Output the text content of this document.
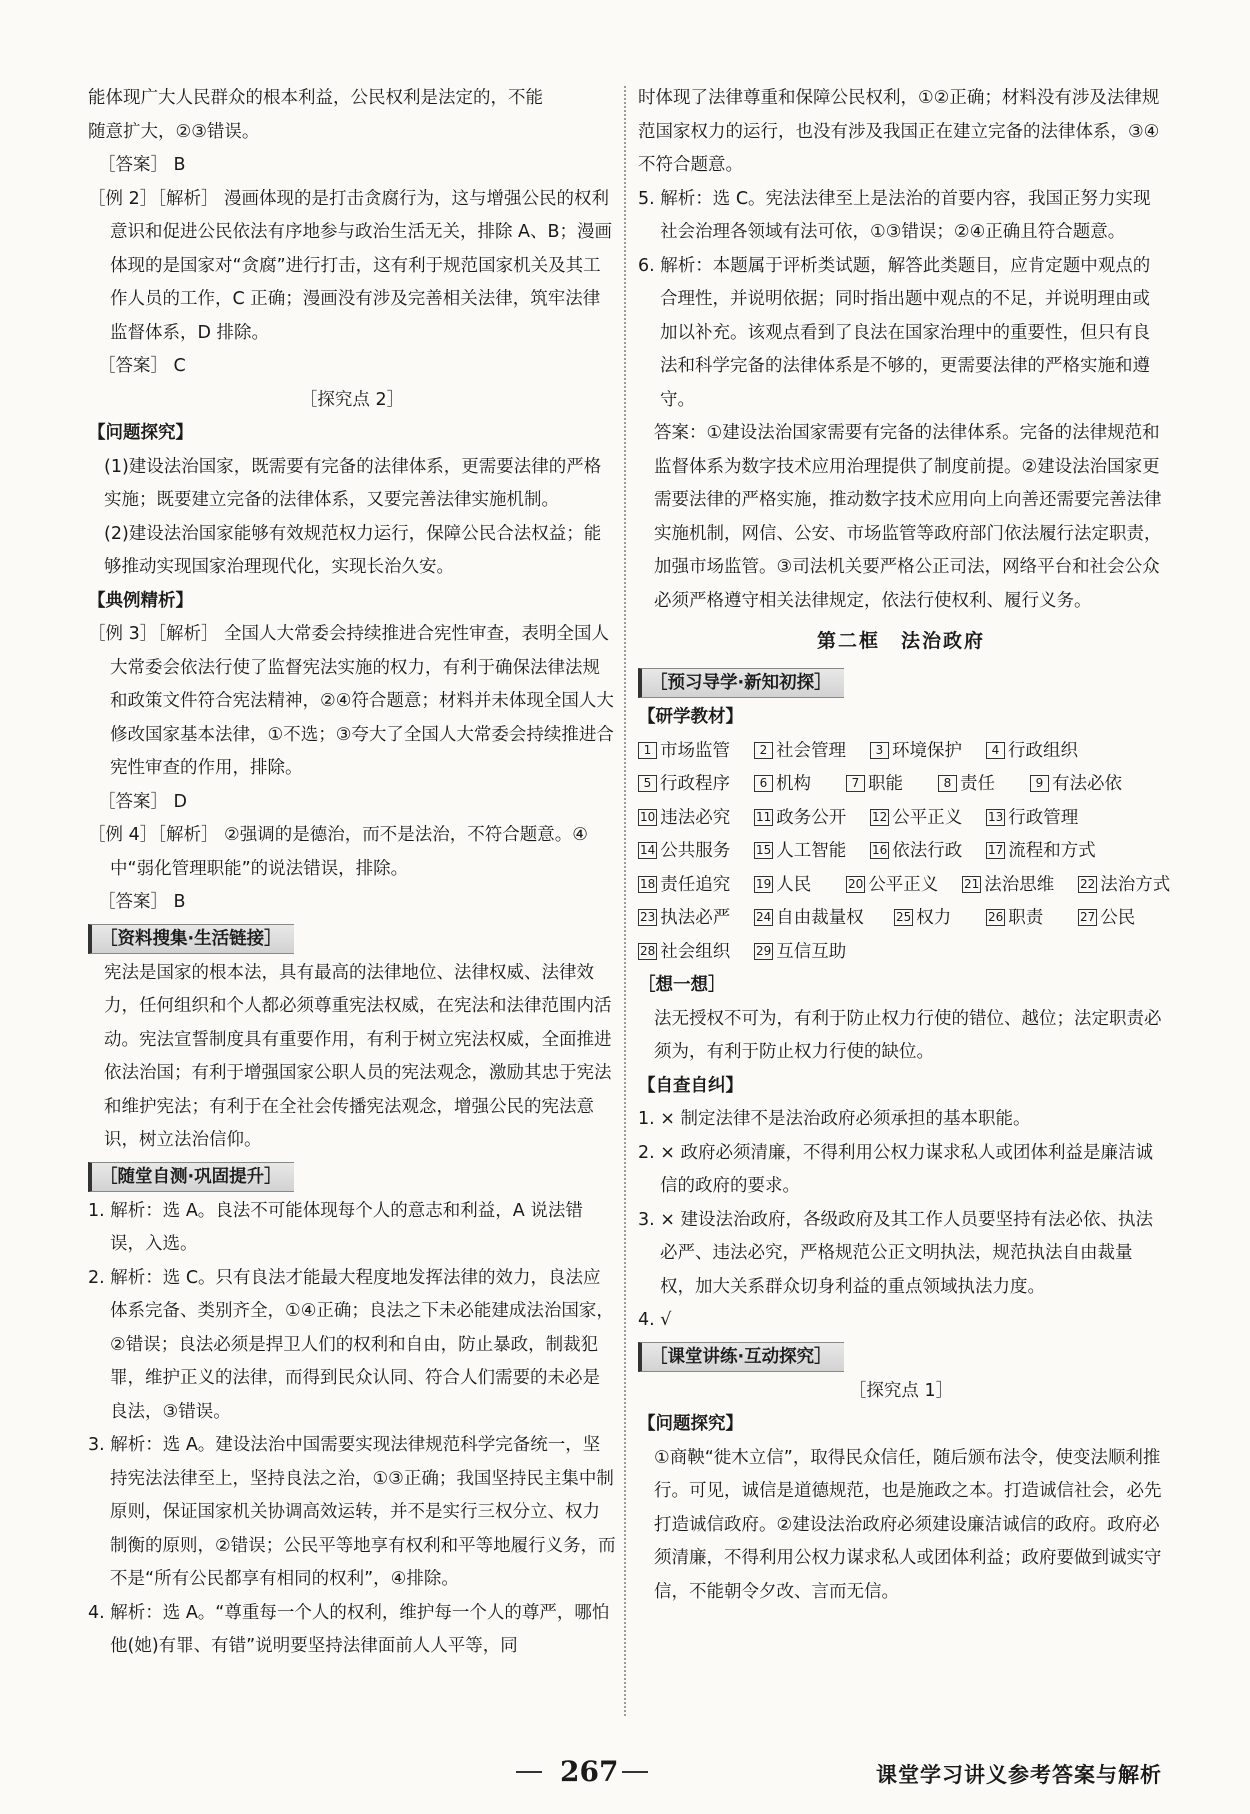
能体现广大人民群众的根本利益，公民权利是法定的，不能

随意扩大，②③错误。

［答案］ B

［例 2］［解析］ 漫画体现的是打击贪腐行为，这与增强公民的权利意识和促进公民依法有序地参与政治生活无关，排除 A、B；漫画体现的是国家对“贪腐”进行打击，这有利于规范国家机关及其工作人员的工作，C 正确；漫画没有涉及完善相关法律，筑牢法律监督体系，D 排除。

［答案］ C

［探究点 2］

【问题探究】

(1)建设法治国家，既需要有完备的法律体系，更需要法律的严格实施；既要建立完备的法律体系，又要完善法律实施机制。

(2)建设法治国家能够有效规范权力运行，保障公民合法权益；能够推动实现国家治理现代化，实现长治久安。

【典例精析】

［例 3］［解析］ 全国人大常委会持续推进合宪性审查，表明全国人大常委会依法行使了监督宪法实施的权力，有利于确保法律法规和政策文件符合宪法精神，②④符合题意；材料并未体现全国人大修改国家基本法律，①不选；③夸大了全国人大常委会持续推进合宪性审查的作用，排除。

［答案］ D

［例 4］［解析］ ②强调的是德治，而不是法治，不符合题意。④中“弱化管理职能”的说法错误，排除。

［答案］ B

［资料搜集·生活链接］

宪法是国家的根本法，具有最高的法律地位、法律权威、法律效力，任何组织和个人都必须尊重宪法权威，在宪法和法律范围内活动。宪法宣誓制度具有重要作用，有利于树立宪法权威，全面推进依法治国；有利于增强国家公职人员的宪法观念，激励其忠于宪法和维护宪法；有利于在全社会传播宪法观念，增强公民的宪法意识，树立法治信仰。

［随堂自测·巩固提升］

1. 解析：选 A。良法不可能体现每个人的意志和利益，A 说法错误，入选。

2. 解析：选 C。只有良法才能最大程度地发挥法律的效力，良法应体系完备、类别齐全，①④正确；良法之下未必能建成法治国家，②错误；良法必须是捍卫人们的权利和自由，防止暴政，制裁犯罪，维护正义的法律，而得到民众认同、符合人们需要的未必是良法，③错误。

3. 解析：选 A。建设法治中国需要实现法律规范科学完备统一，坚持宪法法律至上，坚持良法之治，①③正确；我国坚持民主集中制原则，保证国家机关协调高效运转，并不是实行三权分立、权力制衡的原则，②错误；公民平等地享有权利和平等地履行义务，而不是“所有公民都享有相同的权利”，④排除。

4. 解析：选 A。“尊重每一个人的权利，维护每一个人的尊严，哪怕他(她)有罪、有错”说明要坚持法律面前人人平等，同

时体现了法律尊重和保障公民权利，①②正确；材料没有涉及法律规范国家权力的运行，也没有涉及我国正在建立完备的法律体系，③④不符合题意。

5. 解析：选 C。宪法法律至上是法治的首要内容，我国正努力实现社会治理各领域有法可依，①③错误；②④正确且符合题意。

6. 解析：本题属于评析类试题，解答此类题目，应肯定题中观点的合理性，并说明依据；同时指出题中观点的不足，并说明理由或加以补充。该观点看到了良法在国家治理中的重要性，但只有良法和科学完备的法律体系是不够的，更需要法律的严格实施和遵守。

答案：①建设法治国家需要有完备的法律体系。完备的法律规范和监督体系为数字技术应用治理提供了制度前提。②建设法治国家更需要法律的严格实施，推动数字技术应用向上向善还需要完善法律实施机制，网信、公安、市场监管等政府部门依法履行法定职责，加强市场监管。③司法机关要严格公正司法，网络平台和社会公众必须严格遵守相关法律规定，依法行使权利、履行义务。

第二框　法治政府
［预习导学·新知初探］

【研学教材】

1 市场监管	2 社会管理	3 环境保护	4 行政组织
5 行政程序	6 机构	7 职能	8 责任	9 有法必依
10 违法必究	11 政务公开	12 公平正义	13 行政管理
14 公共服务	15 人工智能	16 依法行政	17 流程和方式
18 责任追究	19 人民	20 公平正义	21 法治思维	22 法治方式
23 执法必严	24 自由裁量权	25 权力	26 职责	27 公民
28 社会组织	29 互信互助

［想一想］

法无授权不可为，有利于防止权力行使的错位、越位；法定职责必须为，有利于防止权力行使的缺位。

【自查自纠】

1. × 制定法律不是法治政府必须承担的基本职能。

2. × 政府必须清廉，不得利用公权力谋求私人或团体利益是廉洁诚信的政府的要求。

3. × 建设法治政府，各级政府及其工作人员要坚持有法必依、执法必严、违法必究，严格规范公正文明执法，规范执法自由裁量权，加大关系群众切身利益的重点领域执法力度。

4. √

［课堂讲练·互动探究］

［探究点 1］

【问题探究】

①商鞅“徙木立信”，取得民众信任，随后颁布法令，使变法顺利推行。可见，诚信是道德规范，也是施政之本。打造诚信社会，必先打造诚信政府。②建设法治政府必须建设廉洁诚信的政府。政府必须清廉，不得利用公权力谋求私人或团体利益；政府要做到诚实守信，不能朝令夕改、言而无信。

267	课堂学习讲义参考答案与解析
